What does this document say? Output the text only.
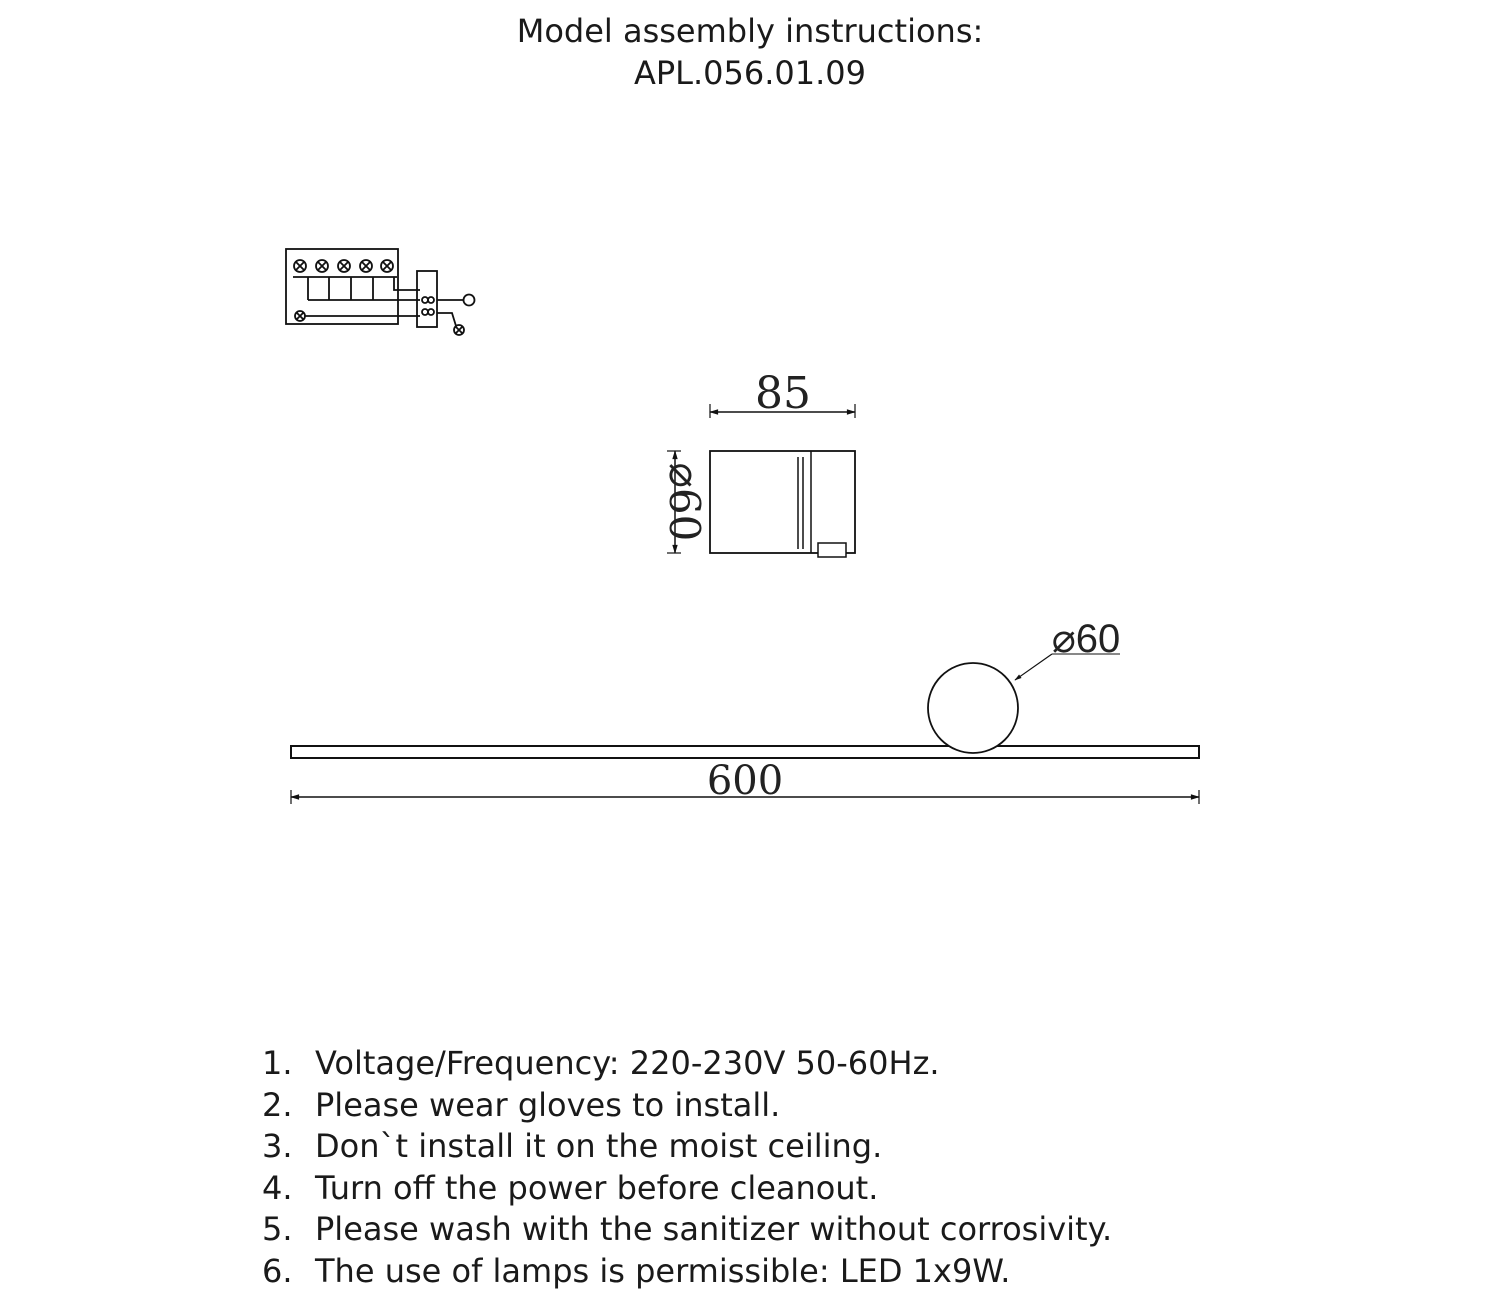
Model assembly instructions:
APL.056.01.09
85
⌀60
⌀60
600
1. Voltage/Frequency: 220-230V 50-60Hz.
2. Please wear gloves to install.
3. Don`t install it on the moist ceiling.
4. Turn off the power before cleanout.
5. Please wash with the sanitizer without corrosivity.
6. The use of lamps is permissible: LED 1x9W.
